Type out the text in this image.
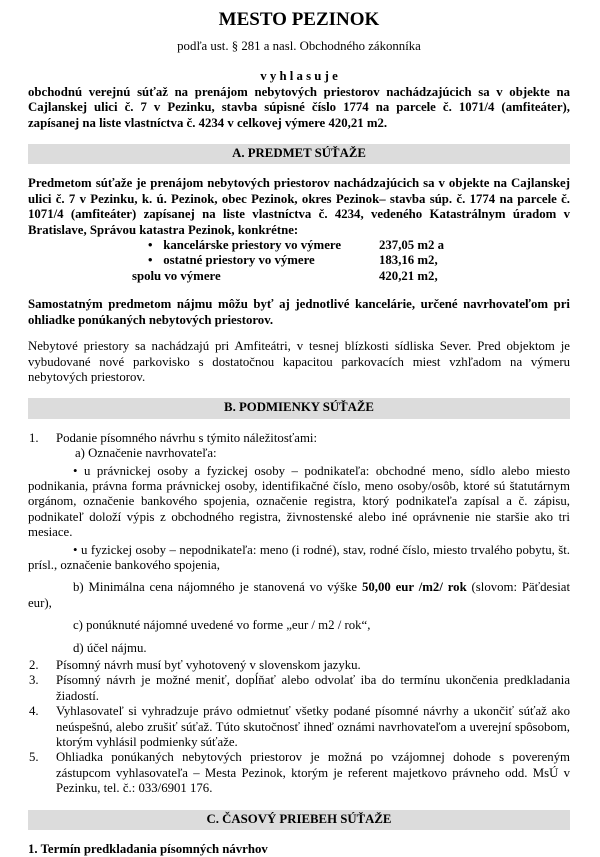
MESTO PEZINOK
podľa ust. § 281 a nasl. Obchodného zákonníka
v y h l a s u j e

obchodnú verejnú súťaž na prenájom nebytových priestorov nachádzajúcich sa v objekte na Cajlanskej ulici č. 7 v Pezinku, stavba súpisné číslo 1774 na parcele č. 1071/4 (amfiteáter), zapísanej na liste vlastníctva č. 4234 v celkovej výmere 420,21 m2.

A. PREDMET SÚŤAŽE

Predmetom súťaže je prenájom nebytových priestorov nachádzajúcich sa v objekte na Cajlanskej ulici č. 7 v Pezinku, k. ú. Pezinok, obec Pezinok, okres Pezinok– stavba súp. č. 1774 na parcele č. 1071/4 (amfiteáter) zapísanej na liste vlastníctva č. 4234, vedeného Katastrálnym úradom v Bratislave, Správou katastra Pezinok, konkrétne:

• kancelárske priestory vo výmere	237,05 m2 a
• ostatné priestory vo výmere	183,16 m2,
spolu vo výmere	420,21 m2,

Samostatným predmetom nájmu môžu byť aj jednotlivé kancelárie, určené navrhovateľom pri ohliadke ponúkaných nebytových priestorov.

Nebytové priestory sa nachádzajú pri Amfiteátri, v tesnej blízkosti sídliska Sever. Pred objektom je vybudované nové parkovisko s dostatočnou kapacitou parkovacích miest vzhľadom na výmeru nebytových priestorov.

B. PODMIENKY SÚŤAŽE
1.	Podanie písomného návrhu s týmito náležitosťami:

a) Označenie navrhovateľa:

• u právnickej osoby a fyzickej osoby – podnikateľa: obchodné meno, sídlo alebo miesto podnikania, právna forma právnickej osoby, identifikačné číslo, meno osoby/osôb, ktoré sú štatutárnym orgánom, označenie bankového spojenia, označenie registra, ktorý podnikateľa zapísal a č. zápisu, podnikateľ doloží výpis z obchodného registra, živnostenské alebo iné oprávnenie nie staršie ako tri mesiace.

• u fyzickej osoby – nepodnikateľa: meno (i rodné), stav, rodné číslo, miesto trvalého pobytu, št. prísl., označenie bankového spojenia,

b) Minimálna cena nájomného je stanovená vo výške 50,00 eur /m2/ rok (slovom: Päťdesiat eur),

c) ponúknuté nájomné uvedené vo forme „eur / m2 / rok“,

d) účel nájmu.

2.	Písomný návrh musí byť vyhotovený v slovenskom jazyku.
3.	Písomný návrh je možné meniť, dopĺňať alebo odvolať iba do termínu ukončenia predkladania žiadostí.
4.	Vyhlasovateľ si vyhradzuje právo odmietnuť všetky podané písomné návrhy a ukončiť súťaž ako neúspešnú, alebo zrušiť súťaž. Túto skutočnosť ihneď oznámi navrhovateľom a uverejní spôsobom, ktorým vyhlásil podmienky súťaže.
5.	Ohliadka ponúkaných nebytových priestorov je možná po vzájomnej dohode s povereným zástupcom vyhlasovateľa – Mesta Pezinok, ktorým je referent majetkovo právneho odd. MsÚ v Pezinku, tel. č.: 033/6901 176.
C. ČASOVÝ PRIEBEH SÚŤAŽE

1. Termín predkladania písomných návrhov
